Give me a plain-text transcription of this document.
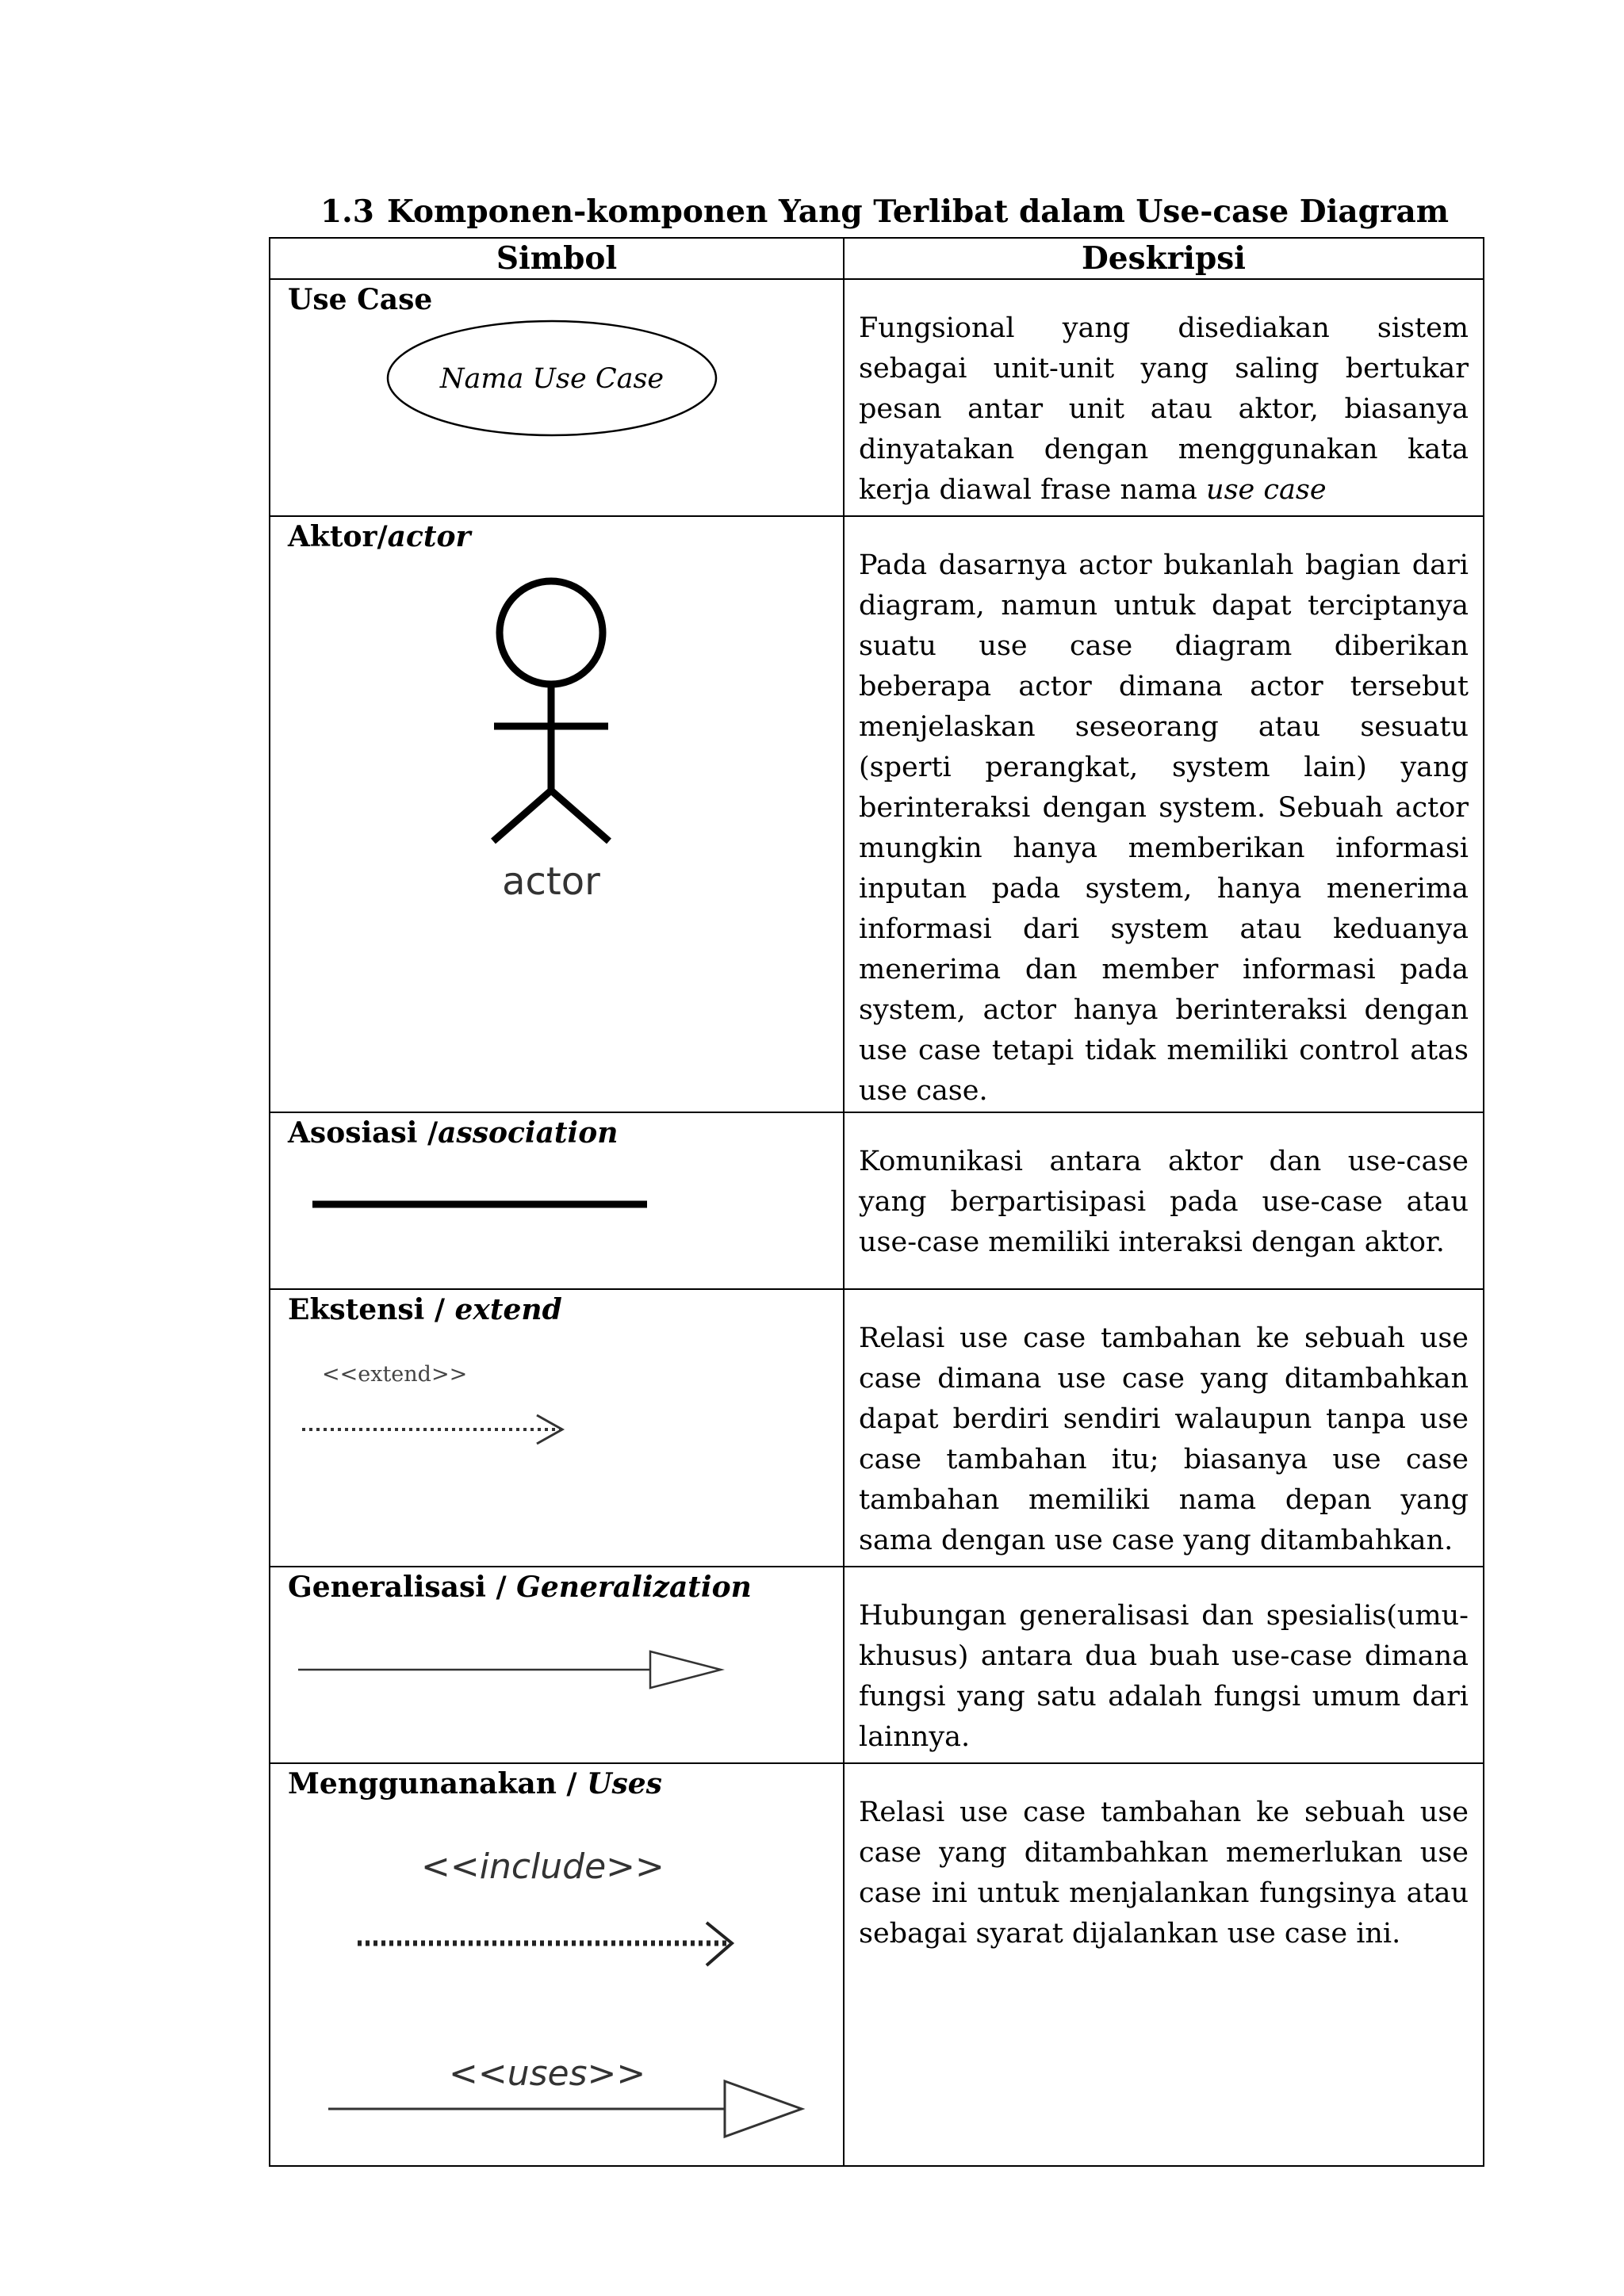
1.3 Komponen-komponen Yang Terlibat dalam Use-case Diagram
Simbol	Deskripsi

Use Case
Nama Use Case	Fungsional yang disediakan sistem sebagai unit-unit yang saling bertukar pesan antar unit atau aktor, biasanya dinyatakan dengan menggunakan kata kerja diawal frase nama use case

Aktor/actor
actor	Pada dasarnya actor bukanlah bagian dari diagram, namun untuk dapat terciptanya suatu use case diagram diberikan beberapa actor dimana actor tersebut menjelaskan seseorang atau sesuatu (sperti perangkat, system lain) yang berinteraksi dengan system. Sebuah actor mungkin hanya memberikan informasi inputan pada system, hanya menerima informasi dari system atau keduanya menerima dan member informasi pada system, actor hanya berinteraksi dengan use case tetapi tidak memiliki control atas use case.

Asosiasi /association	Komunikasi antara aktor dan use-case yang berpartisipasi pada use-case atau use-case memiliki interaksi dengan aktor.

Ekstensi / extend
<<extend>>	Relasi use case tambahan ke sebuah use case dimana use case yang ditambahkan dapat berdiri sendiri walaupun tanpa use case tambahan itu; biasanya use case tambahan memiliki nama depan yang sama dengan use case yang ditambahkan.

Generalisasi / Generalization	Hubungan generalisasi dan spesialis(umu-khusus) antara dua buah use-case dimana fungsi yang satu adalah fungsi umum dari lainnya.

Menggunanakan / Uses
<<include>>
<<uses>>	Relasi use case tambahan ke sebuah use case yang ditambahkan memerlukan use case ini untuk menjalankan fungsinya atau sebagai syarat dijalankan use case ini.
